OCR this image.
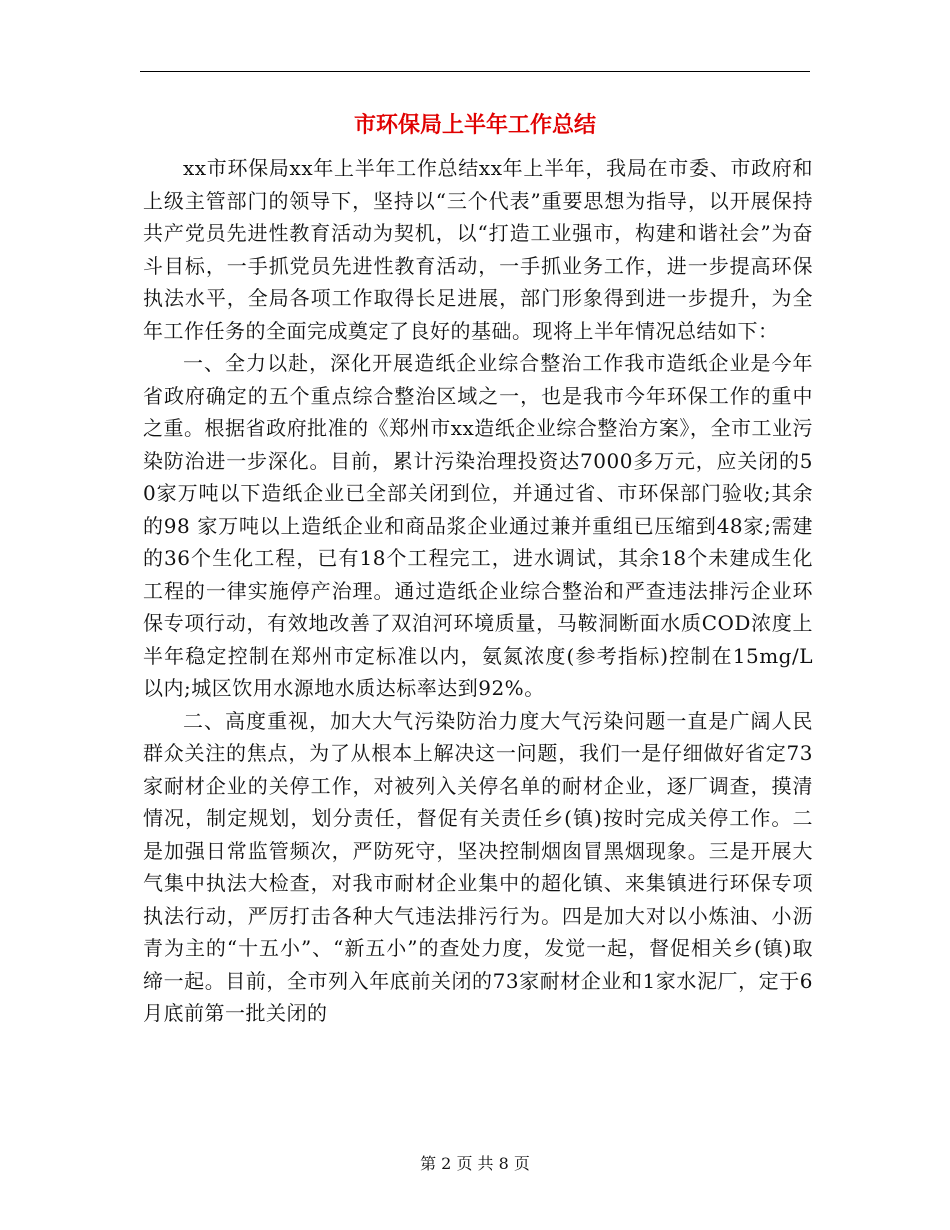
市环保局上半年工作总结

xx市环保局xx年上半年工作总结xx年上半年，我局在市委、市政府和上级主管部门的领导下，坚持以“三个代表”重要思想为指导，以开展保持共产党员先进性教育活动为契机，以“打造工业强市，构建和谐社会”为奋斗目标，一手抓党员先进性教育活动，一手抓业务工作，进一步提高环保执法水平，全局各项工作取得长足进展，部门形象得到进一步提升，为全年工作任务的全面完成奠定了良好的基础。现将上半年情况总结如下：

一、全力以赴，深化开展造纸企业综合整治工作我市造纸企业是今年省政府确定的五个重点综合整治区域之一，也是我市今年环保工作的重中之重。根据省政府批准的《郑州市xx造纸企业综合整治方案》，全市工业污染防治进一步深化。目前，累计污染治理投资达7000多万元，应关闭的50家万吨以下造纸企业已全部关闭到位，并通过省、市环保部门验收;其余的98 家万吨以上造纸企业和商品浆企业通过兼并重组已压缩到48家;需建的36个生化工程，已有18个工程完工，进水调试，其余18个未建成生化工程的一律实施停产治理。通过造纸企业综合整治和严查违法排污企业环保专项行动，有效地改善了双洎河环境质量，马鞍洞断面水质COD浓度上半年稳定控制在郑州市定标准以内，氨氮浓度(参考指标)控制在15mg/L以内;城区饮用水源地水质达标率达到92%。

二、高度重视，加大大气污染防治力度大气污染问题一直是广阔人民群众关注的焦点，为了从根本上解决这一问题，我们一是仔细做好省定73家耐材企业的关停工作，对被列入关停名单的耐材企业，逐厂调查，摸清情况，制定规划，划分责任，督促有关责任乡(镇)按时完成关停工作。二是加强日常监管频次，严防死守，坚决控制烟囱冒黑烟现象。三是开展大气集中执法大检查，对我市耐材企业集中的超化镇、来集镇进行环保专项执法行动，严厉打击各种大气违法排污行为。四是加大对以小炼油、小沥青为主的“十五小”、“新五小”的查处力度，发觉一起，督促相关乡(镇)取缔一起。目前，全市列入年底前关闭的73家耐材企业和1家水泥厂，定于6月底前第一批关闭的

第 2 页 共 8 页
